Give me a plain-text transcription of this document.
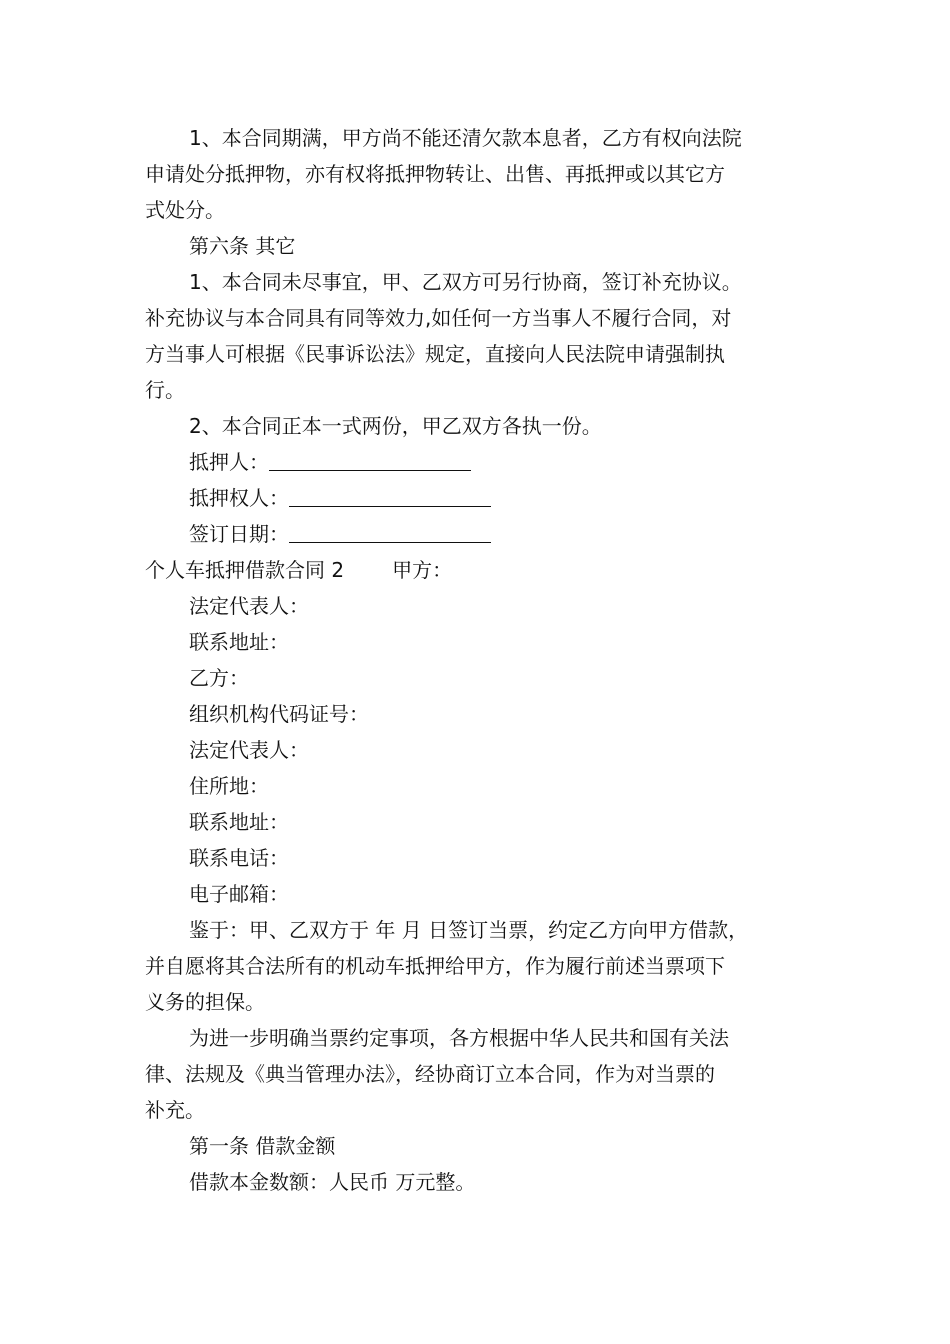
1、本合同期满，甲方尚不能还清欠款本息者，乙方有权向法院
申请处分抵押物，亦有权将抵押物转让、出售、再抵押或以其它方
式处分。
第六条 其它
1、本合同未尽事宜，甲、乙双方可另行协商，签订补充协议。
补充协议与本合同具有同等效力,如任何一方当事人不履行合同，对
方当事人可根据《民事诉讼法》规定，直接向人民法院申请强制执
行。
2、本合同正本一式两份，甲乙双方各执一份。
抵押人：
抵押权人：
签订日期：
个人车抵押借款合同 2 甲方：
法定代表人：
联系地址：
乙方：
组织机构代码证号：
法定代表人：
住所地：
联系地址：
联系电话：
电子邮箱：
鉴于：甲、乙双方于 年 月 日签订当票，约定乙方向甲方借款，
并自愿将其合法所有的机动车抵押给甲方，作为履行前述当票项下
义务的担保。
为进一步明确当票约定事项，各方根据中华人民共和国有关法
律、法规及《典当管理办法》，经协商订立本合同，作为对当票的
补充。
第一条 借款金额
借款本金数额：人民币 万元整。
